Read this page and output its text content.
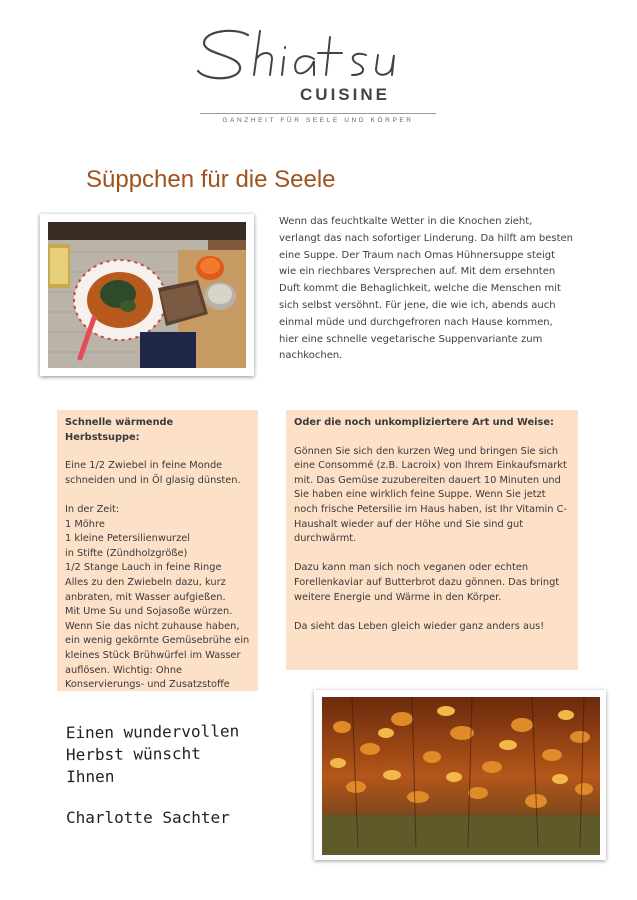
CUISINE
GANZHEIT FÜR SEELE UND KÖRPER
Süppchen für die Seele
Wenn das feuchtkalte Wetter in die Knochen zieht, verlangt das nach sofortiger Linderung. Da hilft am besten eine Suppe. Der Traum nach Omas Hühnersuppe steigt wie ein riechbares Versprechen auf. Mit dem ersehnten Duft kommt die Behaglichkeit, welche die Menschen mit sich selbst versöhnt. Für jene, die wie ich, abends auch einmal müde und durchgefroren nach Hause kommen, hier eine schnelle vegetarische Suppenvariante zum nachkochen.
Schnelle wärmende Herbstsuppe:

Eine 1/2 Zwiebel in feine Monde schneiden und in Öl glasig dünsten.

In der Zeit:
1 Möhre
1 kleine Petersilienwurzel
in Stifte (Zündholzgröße)
1/2 Stange Lauch in feine Ringe
Alles zu den Zwiebeln dazu, kurz anbraten, mit Wasser aufgießen.
Mit Ume Su und Sojasoße würzen.
Wenn Sie das nicht zuhause haben, ein wenig gekörnte Gemüsebrühe ein kleines Stück Brühwürfel im Wasser auflösen. Wichtig: Ohne Konservierungs- und Zusatzstoffe
Oder die noch unkompliziertere Art und Weise:

Gönnen Sie sich den kurzen Weg und bringen Sie sich eine Consommé (z.B. Lacroix) von Ihrem Einkaufsmarkt mit. Das Gemüse zuzubereiten dauert 10 Minuten und Sie haben eine wirklich feine Suppe. Wenn Sie jetzt noch frische Petersilie im Haus haben, ist Ihr Vitamin C-Haushalt wieder auf der Höhe und Sie sind gut durchwärmt.

Dazu kann man sich noch veganen oder echten Forellenkaviar auf Butterbrot dazu gönnen. Das bringt weitere Energie und Wärme in den Körper.

Da sieht das Leben gleich wieder ganz anders aus!

Einen wundervollen
Herbst wünscht
Ihnen
Charlotte Sachter
